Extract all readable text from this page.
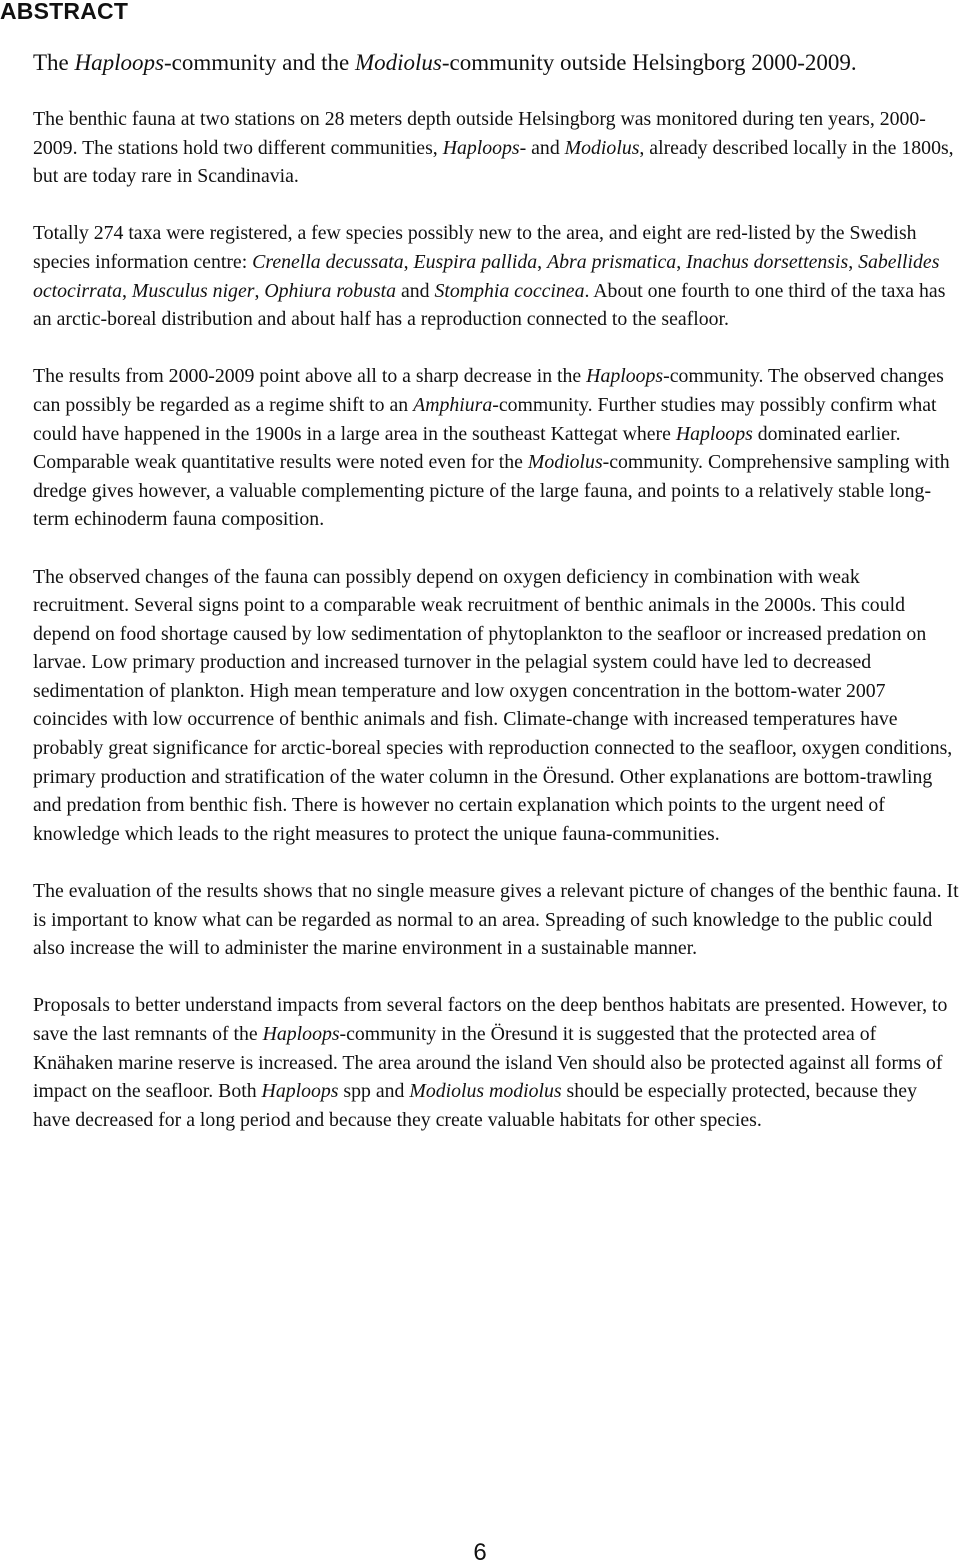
ABSTRACT

The Haploops-community and the Modiolus-community outside Helsingborg 2000-2009.

The benthic fauna at two stations on 28 meters depth outside Helsingborg was monitored during ten years, 2000-2009. The stations hold two different communities, Haploops- and Modiolus, already described locally in the 1800s, but are today rare in Scandinavia.

Totally 274 taxa were registered, a few species possibly new to the area, and eight are red-listed by the Swedish species information centre: Crenella decussata, Euspira pallida, Abra prismatica, Inachus dorsettensis, Sabellides octocirrata, Musculus niger, Ophiura robusta and Stomphia coccinea. About one fourth to one third of the taxa has an arctic-boreal distribution and about half has a reproduction connected to the seafloor.

The results from 2000-2009 point above all to a sharp decrease in the Haploops-community. The observed changes can possibly be regarded as a regime shift to an Amphiura-community. Further studies may possibly confirm what could have happened in the 1900s in a large area in the southeast Kattegat where Haploops dominated earlier. Comparable weak quantitative results were noted even for the Modiolus-community. Comprehensive sampling with dredge gives however, a valuable complementing picture of the large fauna, and points to a relatively stable long-term echinoderm fauna composition.

The observed changes of the fauna can possibly depend on oxygen deficiency in combination with weak recruitment. Several signs point to a comparable weak recruitment of benthic animals in the 2000s. This could depend on food shortage caused by low sedimentation of phytoplankton to the seafloor or increased predation on larvae. Low primary production and increased turnover in the pelagial system could have led to decreased sedimentation of plankton. High mean temperature and low oxygen concentration in the bottom-water 2007 coincides with low occurrence of benthic animals and fish. Climate-change with increased temperatures have probably great significance for arctic-boreal species with reproduction connected to the seafloor, oxygen conditions, primary production and stratification of the water column in the Öresund. Other explanations are bottom-trawling and predation from benthic fish. There is however no certain explanation which points to the urgent need of knowledge which leads to the right measures to protect the unique fauna-communities.

The evaluation of the results shows that no single measure gives a relevant picture of changes of the benthic fauna. It is important to know what can be regarded as normal to an area. Spreading of such knowledge to the public could also increase the will to administer the marine environment in a sustainable manner.

Proposals to better understand impacts from several factors on the deep benthos habitats are presented. However, to save the last remnants of the Haploops-community in the Öresund it is suggested that the protected area of Knähaken marine reserve is increased. The area around the island Ven should also be protected against all forms of impact on the seafloor. Both Haploops spp and Modiolus modiolus should be especially protected, because they have decreased for a long period and because they create valuable habitats for other species.

6
